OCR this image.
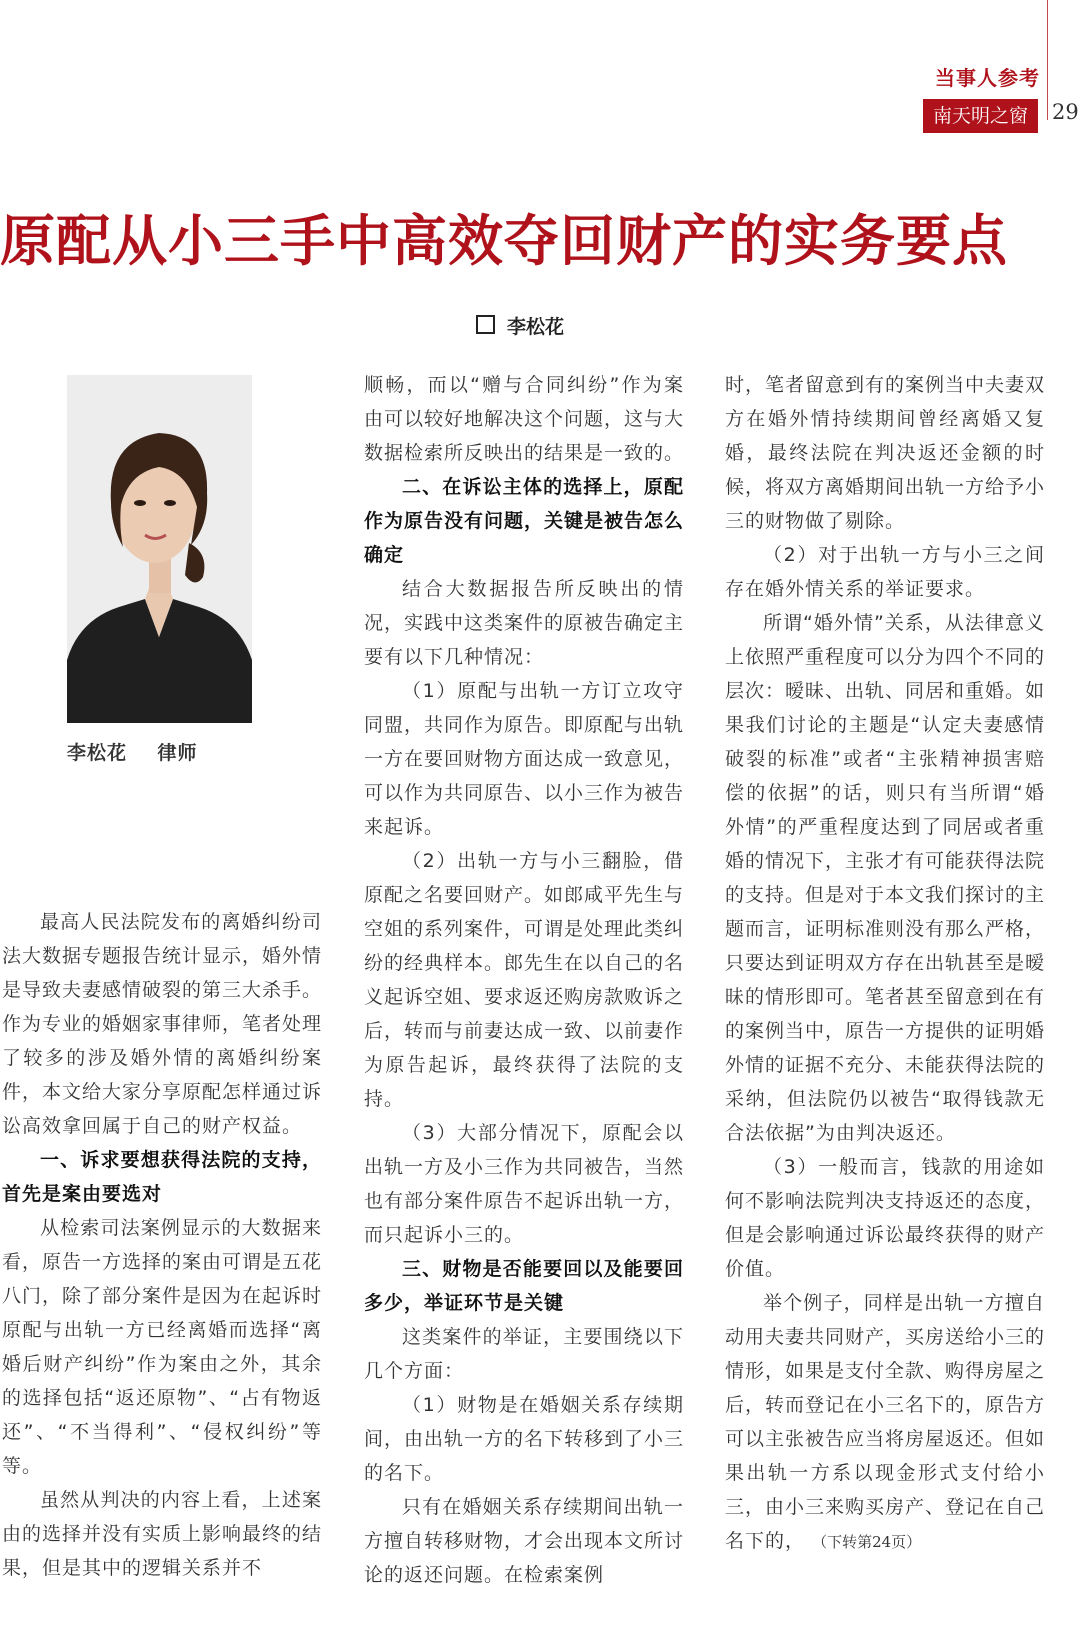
当事人参考
南天明之窗	29
原配从小三手中高效夺回财产的实务要点
李松花
李松花    律师

最高人民法院发布的离婚纠纷司法大数据专题报告统计显示，婚外情是导致夫妻感情破裂的第三大杀手。作为专业的婚姻家事律师，笔者处理了较多的涉及婚外情的离婚纠纷案件，本文给大家分享原配怎样通过诉讼高效拿回属于自己的财产权益。

一、诉求要想获得法院的支持，首先是案由要选对

从检索司法案例显示的大数据来看，原告一方选择的案由可谓是五花八门，除了部分案件是因为在起诉时原配与出轨一方已经离婚而选择“离婚后财产纠纷”作为案由之外，其余的选择包括“返还原物”、“占有物返还”、“不当得利”、“侵权纠纷”等等。

虽然从判决的内容上看，上述案由的选择并没有实质上影响最终的结果，但是其中的逻辑关系并不

顺畅，而以“赠与合同纠纷”作为案由可以较好地解决这个问题，这与大数据检索所反映出的结果是一致的。

二、在诉讼主体的选择上，原配作为原告没有问题，关键是被告怎么确定

结合大数据报告所反映出的情况，实践中这类案件的原被告确定主要有以下几种情况：

（1）原配与出轨一方订立攻守同盟，共同作为原告。即原配与出轨一方在要回财物方面达成一致意见，可以作为共同原告、以小三作为被告来起诉。

（2）出轨一方与小三翻脸，借原配之名要回财产。如郎咸平先生与空姐的系列案件，可谓是处理此类纠纷的经典样本。郎先生在以自己的名义起诉空姐、要求返还购房款败诉之后，转而与前妻达成一致、以前妻作为原告起诉，最终获得了法院的支持。

（3）大部分情况下，原配会以出轨一方及小三作为共同被告，当然也有部分案件原告不起诉出轨一方，而只起诉小三的。

三、财物是否能要回以及能要回多少，举证环节是关键

这类案件的举证，主要围绕以下几个方面：

（1）财物是在婚姻关系存续期间，由出轨一方的名下转移到了小三的名下。

只有在婚姻关系存续期间出轨一方擅自转移财物，才会出现本文所讨论的返还问题。在检索案例

时，笔者留意到有的案例当中夫妻双方在婚外情持续期间曾经离婚又复婚，最终法院在判决返还金额的时候，将双方离婚期间出轨一方给予小三的财物做了剔除。

（2）对于出轨一方与小三之间存在婚外情关系的举证要求。

所谓“婚外情”关系，从法律意义上依照严重程度可以分为四个不同的层次：暧昧、出轨、同居和重婚。如果我们讨论的主题是“认定夫妻感情破裂的标准”或者“主张精神损害赔偿的依据”的话，则只有当所谓“婚外情”的严重程度达到了同居或者重婚的情况下，主张才有可能获得法院的支持。但是对于本文我们探讨的主题而言，证明标准则没有那么严格，只要达到证明双方存在出轨甚至是暧昧的情形即可。笔者甚至留意到在有的案例当中，原告一方提供的证明婚外情的证据不充分、未能获得法院的采纳，但法院仍以被告“取得钱款无合法依据”为由判决返还。

（3）一般而言，钱款的用途如何不影响法院判决支持返还的态度，但是会影响通过诉讼最终获得的财产价值。

举个例子，同样是出轨一方擅自动用夫妻共同财产，买房送给小三的情形，如果是支付全款、购得房屋之后，转而登记在小三名下的，原告方可以主张被告应当将房屋返还。但如果出轨一方系以现金形式支付给小三，由小三来购买房产、登记在自己名下的， （下转第24页）
